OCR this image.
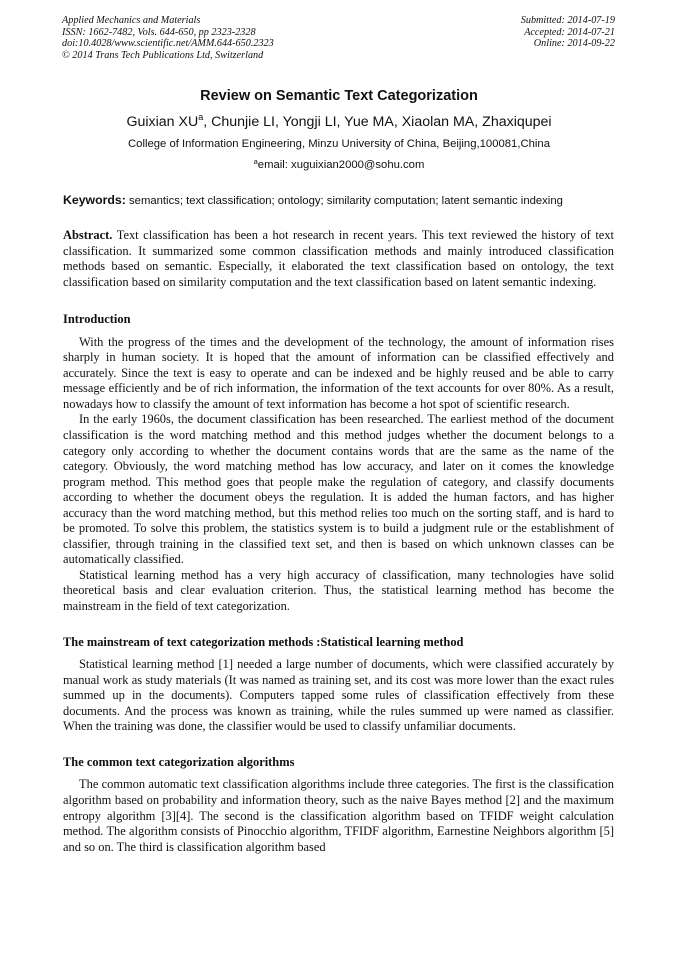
Applied Mechanics and Materials
ISSN: 1662-7482, Vols. 644-650, pp 2323-2328
doi:10.4028/www.scientific.net/AMM.644-650.2323
© 2014 Trans Tech Publications Ltd, Switzerland
Submitted: 2014-07-19
Accepted: 2014-07-21
Online: 2014-09-22
Review on Semantic Text Categorization
Guixian $XU^a$, Chunjie LI, Yongji LI, Yue MA, Xiaolan MA, Zhaxiqupei
College of Information Engineering, Minzu University of China, Beijing,100081,China
$^a$email: xuguixian2000@sohu.com
Keywords: semantics; text classification; ontology; similarity computation; latent semantic indexing

Abstract. Text classification has been a hot research in recent years. This text reviewed the history of text classification. It summarized some common classification methods and mainly introduced classification methods based on semantic. Especially, it elaborated the text classification based on ontology, the text classification based on similarity computation and the text classification based on latent semantic indexing.

Introduction

With the progress of the times and the development of the technology, the amount of information rises sharply in human society. It is hoped that the amount of information can be classified effectively and accurately. Since the text is easy to operate and can be indexed and be highly reused and be able to carry message efficiently and be of rich information, the information of the text accounts for over 80%. As a result, nowadays how to classify the amount of text information has become a hot spot of scientific research.

In the early 1960s, the document classification has been researched. The earliest method of the document classification is the word matching method and this method judges whether the document belongs to a category only according to whether the document contains words that are the same as the name of the category. Obviously, the word matching method has low accuracy, and later on it comes the knowledge program method. This method goes that people make the regulation of category, and classify documents according to whether the document obeys the regulation. It is added the human factors, and has higher accuracy than the word matching method, but this method relies too much on the sorting staff, and is hard to be promoted. To solve this problem, the statistics system is to build a judgment rule or the establishment of classifier, through training in the classified text set, and then is based on which unknown classes can be automatically classified.

Statistical learning method has a very high accuracy of classification, many technologies have solid theoretical basis and clear evaluation criterion. Thus, the statistical learning method has become the mainstream in the field of text categorization.

The mainstream of text categorization methods :Statistical learning method

Statistical learning method [1] needed a large number of documents, which were classified accurately by manual work as study materials (It was named as training set, and its cost was more lower than the exact rules summed up in the documents). Computers tapped some rules of classification effectively from these documents. And the process was known as training, while the rules summed up were named as classifier. When the training was done, the classifier would be used to classify unfamiliar documents.

The common text categorization algorithms

The common automatic text classification algorithms include three categories. The first is the classification algorithm based on probability and information theory, such as the naive Bayes method [2] and the maximum entropy algorithm [3][4]. The second is the classification algorithm based on TFIDF weight calculation method. The algorithm consists of Pinocchio algorithm, TFIDF algorithm, Earnestine Neighbors algorithm [5] and so on. The third is classification algorithm based
